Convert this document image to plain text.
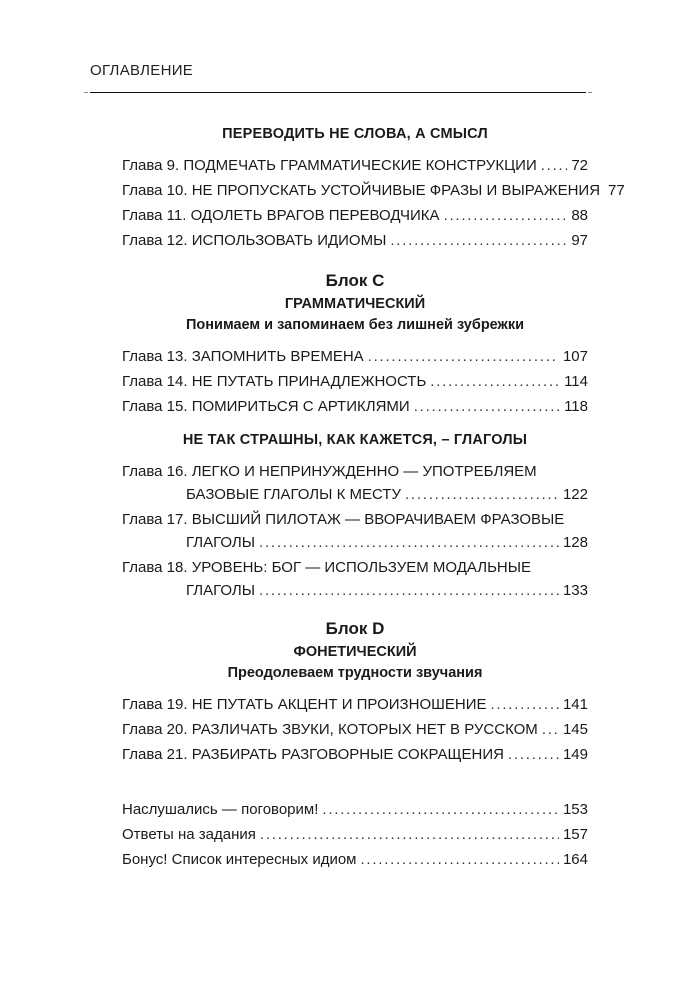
ОГЛАВЛЕНИЕ
ПЕРЕВОДИТЬ НЕ СЛОВА, А СМЫСЛ
Глава 9. ПОДМЕЧАТЬ ГРАММАТИЧЕСКИЕ КОНСТРУКЦИИ . . . 72
Глава 10. НЕ ПРОПУСКАТЬ УСТОЙЧИВЫЕ ФРАЗЫ И ВЫРАЖЕНИЯ 77
Глава 11. ОДОЛЕТЬ ВРАГОВ ПЕРЕВОДЧИКА . . .	88
Глава 12. ИСПОЛЬЗОВАТЬ ИДИОМЫ . . .	97
Блок C
ГРАММАТИЧЕСКИЙ
Понимаем и запоминаем без лишней зубрежки
Глава 13. ЗАПОМНИТЬ ВРЕМЕНА . . .	107
Глава 14. НЕ ПУТАТЬ ПРИНАДЛЕЖНОСТЬ . . .	114
Глава 15. ПОМИРИТЬСЯ С АРТИКЛЯМИ . . .	118
НЕ ТАК СТРАШНЫ, КАК КАЖЕТСЯ, – ГЛАГОЛЫ
Глава 16. ЛЕГКО И НЕПРИНУЖДЕННО — УПОТРЕБЛЯЕМ
БАЗОВЫЕ ГЛАГОЛЫ К МЕСТУ . . .	122
Глава 17. ВЫСШИЙ ПИЛОТАЖ — ВВОРАЧИВАЕМ ФРАЗОВЫЕ
ГЛАГОЛЫ . . .	128
Глава 18. УРОВЕНЬ: БОГ — ИСПОЛЬЗУЕМ МОДАЛЬНЫЕ
ГЛАГОЛЫ . . .	133
Блок D
ФОНЕТИЧЕСКИЙ
Преодолеваем трудности звучания
Глава 19. НЕ ПУТАТЬ АКЦЕНТ И ПРОИЗНОШЕНИЕ . . .	141
Глава 20. РАЗЛИЧАТЬ ЗВУКИ, КОТОРЫХ НЕТ В РУССКОМ . . . 145
Глава 21. РАЗБИРАТЬ РАЗГОВОРНЫЕ СОКРАЩЕНИЯ . . .	149
Наслушались — поговорим! . . .	153
Ответы на задания . . .	157
Бонус! Список интересных идиом . . .	164
